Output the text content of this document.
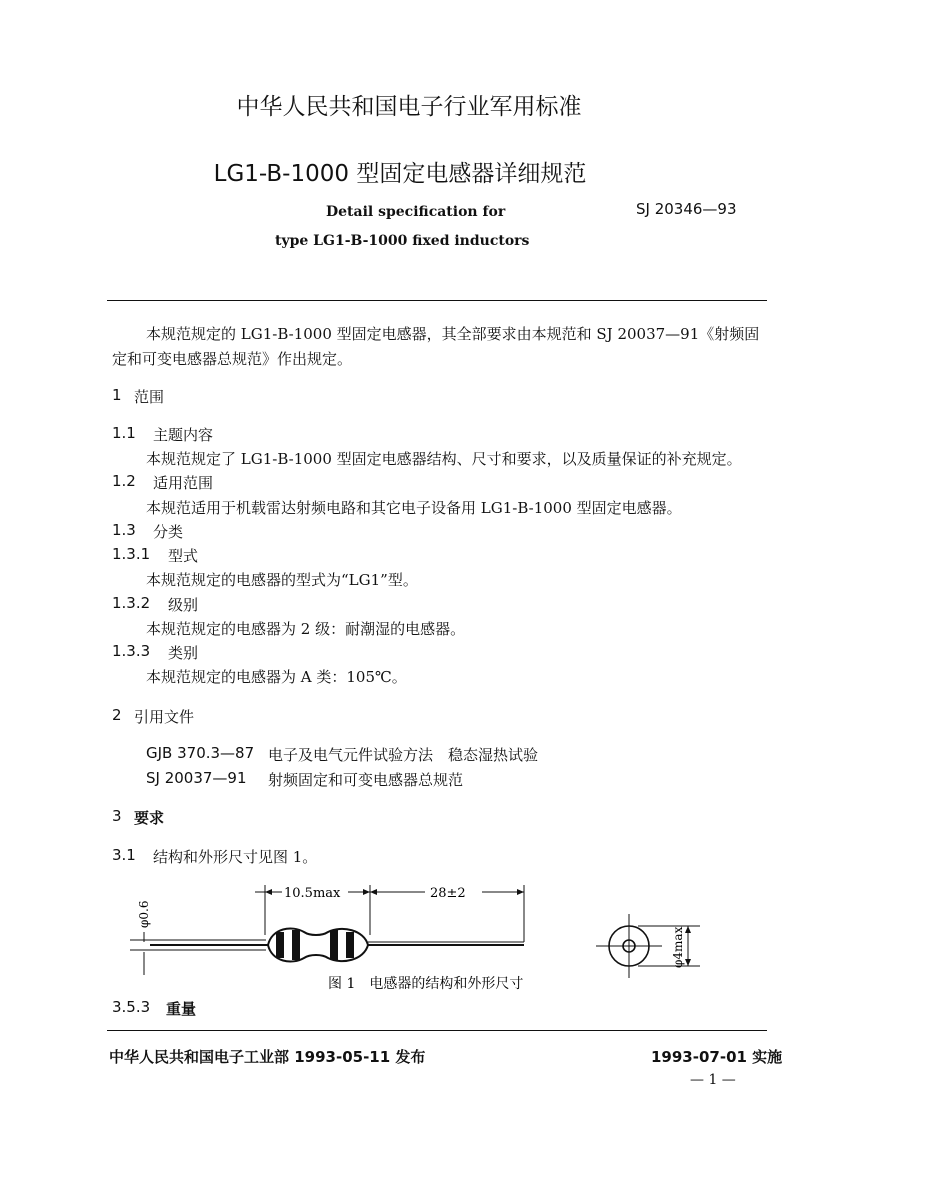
中华人民共和国电子行业军用标准
LG1-B-1000 型固定电感器详细规范
Detail specification for
type LG1-B-1000 fixed inductors
SJ 20346—93
本规范规定的 LG1-B-1000 型固定电感器，其全部要求由本规范和 SJ 20037—91《射频固
定和可变电感器总规范》作出规定。
1 范围
1.1 主题内容
本规范规定了 LG1-B-1000 型固定电感器结构、尺寸和要求，以及质量保证的补充规定。
1.2 适用范围
本规范适用于机载雷达射频电路和其它电子设备用 LG1-B-1000 型固定电感器。
1.3 分类
1.3.1 型式
本规范规定的电感器的型式为“LG1”型。
1.3.2 级别
本规范规定的电感器为 2 级：耐潮湿的电感器。
1.3.3 类别
本规范规定的电感器为 A 类：105℃。
2 引用文件
GJB 370.3—87 电子及电气元件试验方法　稳态湿热试验
SJ 20037—91 射频固定和可变电感器总规范
3 要求
3.1 结构和外形尺寸见图 1。
10.5max	28±2
φ0.6
φ4max
图 1　电感器的结构和外形尺寸
3.5.3 重量
中华人民共和国电子工业部 1993-05-11 发布	1993-07-01 实施
— 1 —
